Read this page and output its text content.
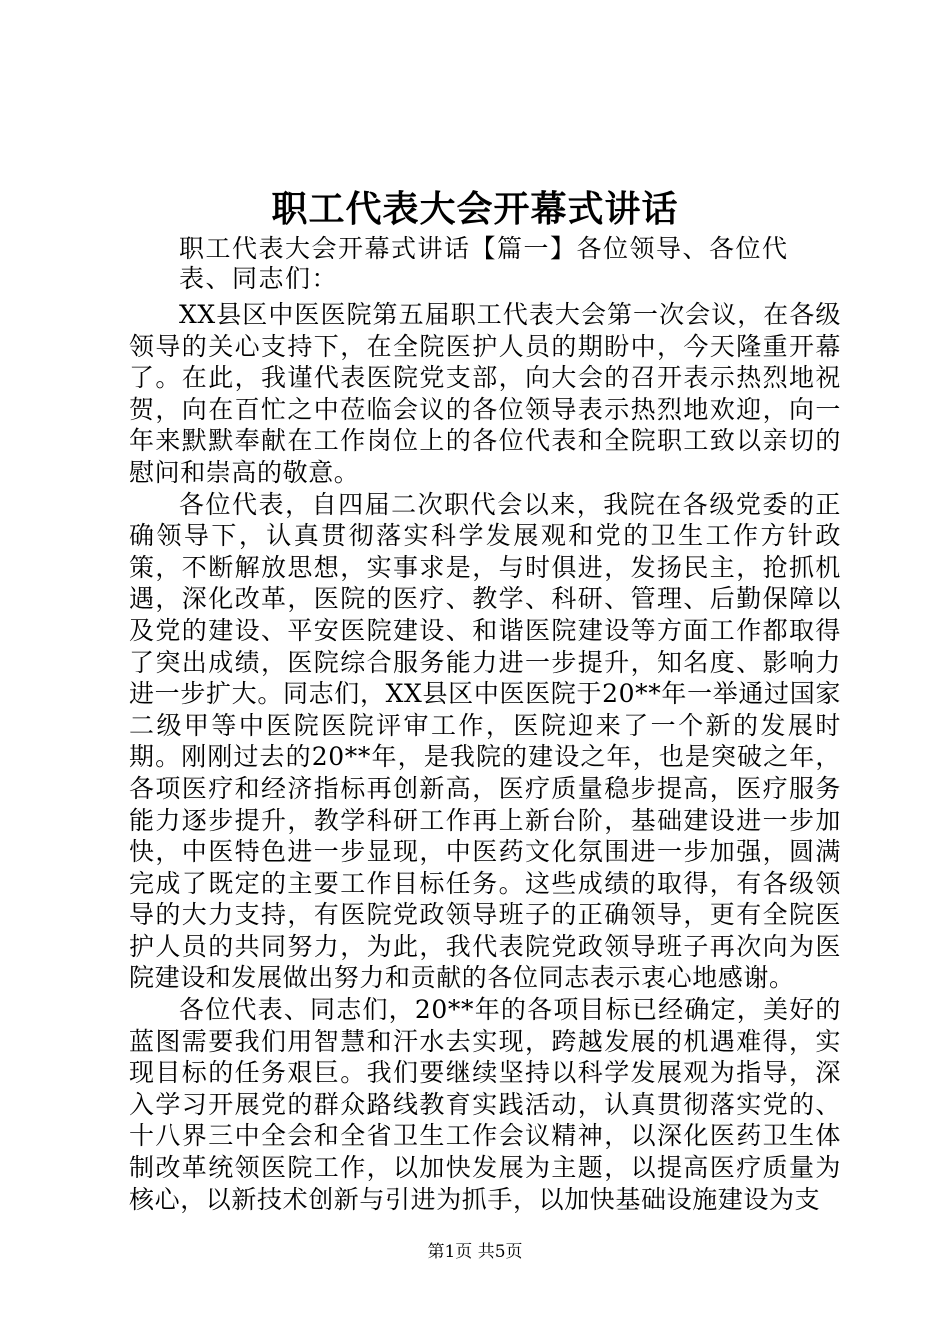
职工代表大会开幕式讲话
职工代表大会开幕式讲话【篇一】各位领导、各位代表、同志们：

XX县区中医医院第五届职工代表大会第一次会议，在各级领导的关心支持下，在全院医护人员的期盼中，今天隆重开幕了。在此，我谨代表医院党支部，向大会的召开表示热烈地祝贺，向在百忙之中莅临会议的各位领导表示热烈地欢迎，向一年来默默奉献在工作岗位上的各位代表和全院职工致以亲切的慰问和崇高的敬意。

各位代表，自四届二次职代会以来，我院在各级党委的正确领导下，认真贯彻落实科学发展观和党的卫生工作方针政策，不断解放思想，实事求是，与时俱进，发扬民主，抢抓机遇，深化改革，医院的医疗、教学、科研、管理、后勤保障以及党的建设、平安医院建设、和谐医院建设等方面工作都取得了突出成绩，医院综合服务能力进一步提升，知名度、影响力进一步扩大。同志们，XX县区中医医院于20**年一举通过国家二级甲等中医院医院评审工作，医院迎来了一个新的发展时期。刚刚过去的20**年，是我院的建设之年，也是突破之年，各项医疗和经济指标再创新高，医疗质量稳步提高，医疗服务能力逐步提升，教学科研工作再上新台阶，基础建设进一步加快，中医特色进一步显现，中医药文化氛围进一步加强，圆满完成了既定的主要工作目标任务。这些成绩的取得，有各级领导的大力支持，有医院党政领导班子的正确领导，更有全院医护人员的共同努力，为此，我代表院党政领导班子再次向为医院建设和发展做出努力和贡献的各位同志表示衷心地感谢。

各位代表、同志们，20**年的各项目标已经确定，美好的蓝图需要我们用智慧和汗水去实现，跨越发展的机遇难得，实现目标的任务艰巨。我们要继续坚持以科学发展观为指导，深入学习开展党的群众路线教育实践活动，认真贯彻落实党的、十八界三中全会和全省卫生工作会议精神，以深化医药卫生体制改革统领医院工作，以加快发展为主题，以提高医疗质量为核心，以新技术创新与引进为抓手，以加快基础设施建设为支

第1页 共5页
